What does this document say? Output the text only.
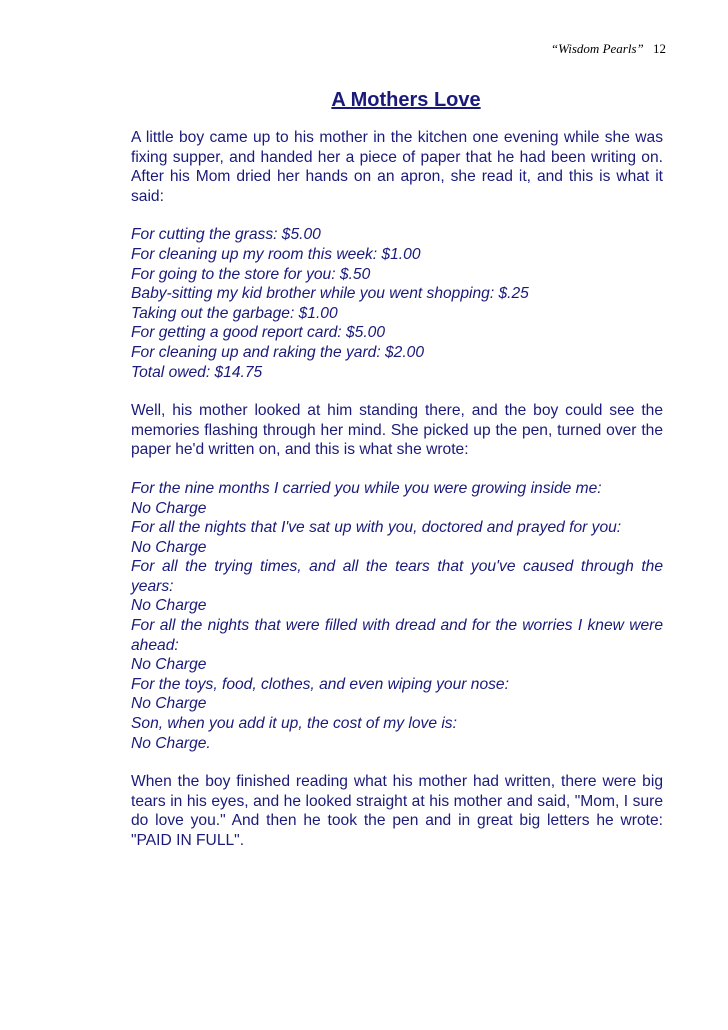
“Wisdom Pearls” 12
A Mothers Love

A little boy came up to his mother in the kitchen one evening while she was fixing supper, and handed her a piece of paper that he had been writing on. After his Mom dried her hands on an apron, she read it, and this is what it said:

For cutting the grass: $5.00
For cleaning up my room this week: $1.00
For going to the store for you: $.50
Baby-sitting my kid brother while you went shopping: $.25
Taking out the garbage: $1.00
For getting a good report card: $5.00
For cleaning up and raking the yard: $2.00
Total owed: $14.75

Well, his mother looked at him standing there, and the boy could see the memories flashing through her mind. She picked up the pen, turned over the paper he'd written on, and this is what she wrote:

For the nine months I carried you while you were growing inside me:
No Charge
For all the nights that I've sat up with you, doctored and prayed for you:
No Charge
For all the trying times, and all the tears that you've caused through the years:
No Charge
For all the nights that were filled with dread and for the worries I knew were ahead:
No Charge
For the toys, food, clothes, and even wiping your nose:
No Charge
Son, when you add it up, the cost of my love is:
No Charge.

When the boy finished reading what his mother had written, there were big tears in his eyes, and he looked straight at his mother and said, "Mom, I sure do love you." And then he took the pen and in great big letters he wrote: "PAID IN FULL".
